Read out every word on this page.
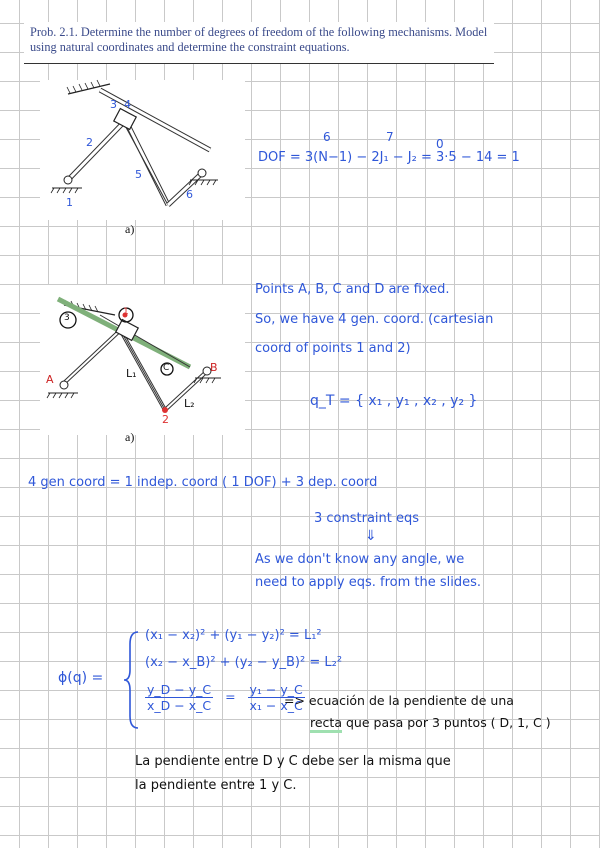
Prob. 2.1. Determine the number of degrees of freedom of the following mechanisms. Model
using natural coordinates and determine the constraint equations.
3 4
2
5
1
6
a)
6	7	0
DOF = 3(N−1) − 2J₁ − J₂ = 3·5 − 14 = 1
3
1
C
A
B
L₁
L₂
2
a)
Points A, B, C and D are fixed.
So, we have 4 gen. coord. (cartesian
coord of points 1 and 2)
q_T = { x₁ , y₁ , x₂ , y₂ }
4 gen coord = 1 indep. coord ( 1 DOF) + 3 dep. coord
3 constraint eqs
⇓
As we don't know any angle, we
need to apply eqs. from the slides.
ϕ(q) =
(x₁ − x₂)² + (y₁ − y₂)² = L₁²
(x₂ − x_B)² + (y₂ − y_B)² = L₂²
$\frac{y\_D - y\_C}{x\_D - x\_C} = \frac{\text{y₁ − y\_C}}{\text{x₁ − x\_C}}$
=> ecuación de la pendiente de una
recta que pasa por 3 puntos ( D, 1, C )
La pendiente entre D y C debe ser la misma que
la pendiente entre 1 y C.
